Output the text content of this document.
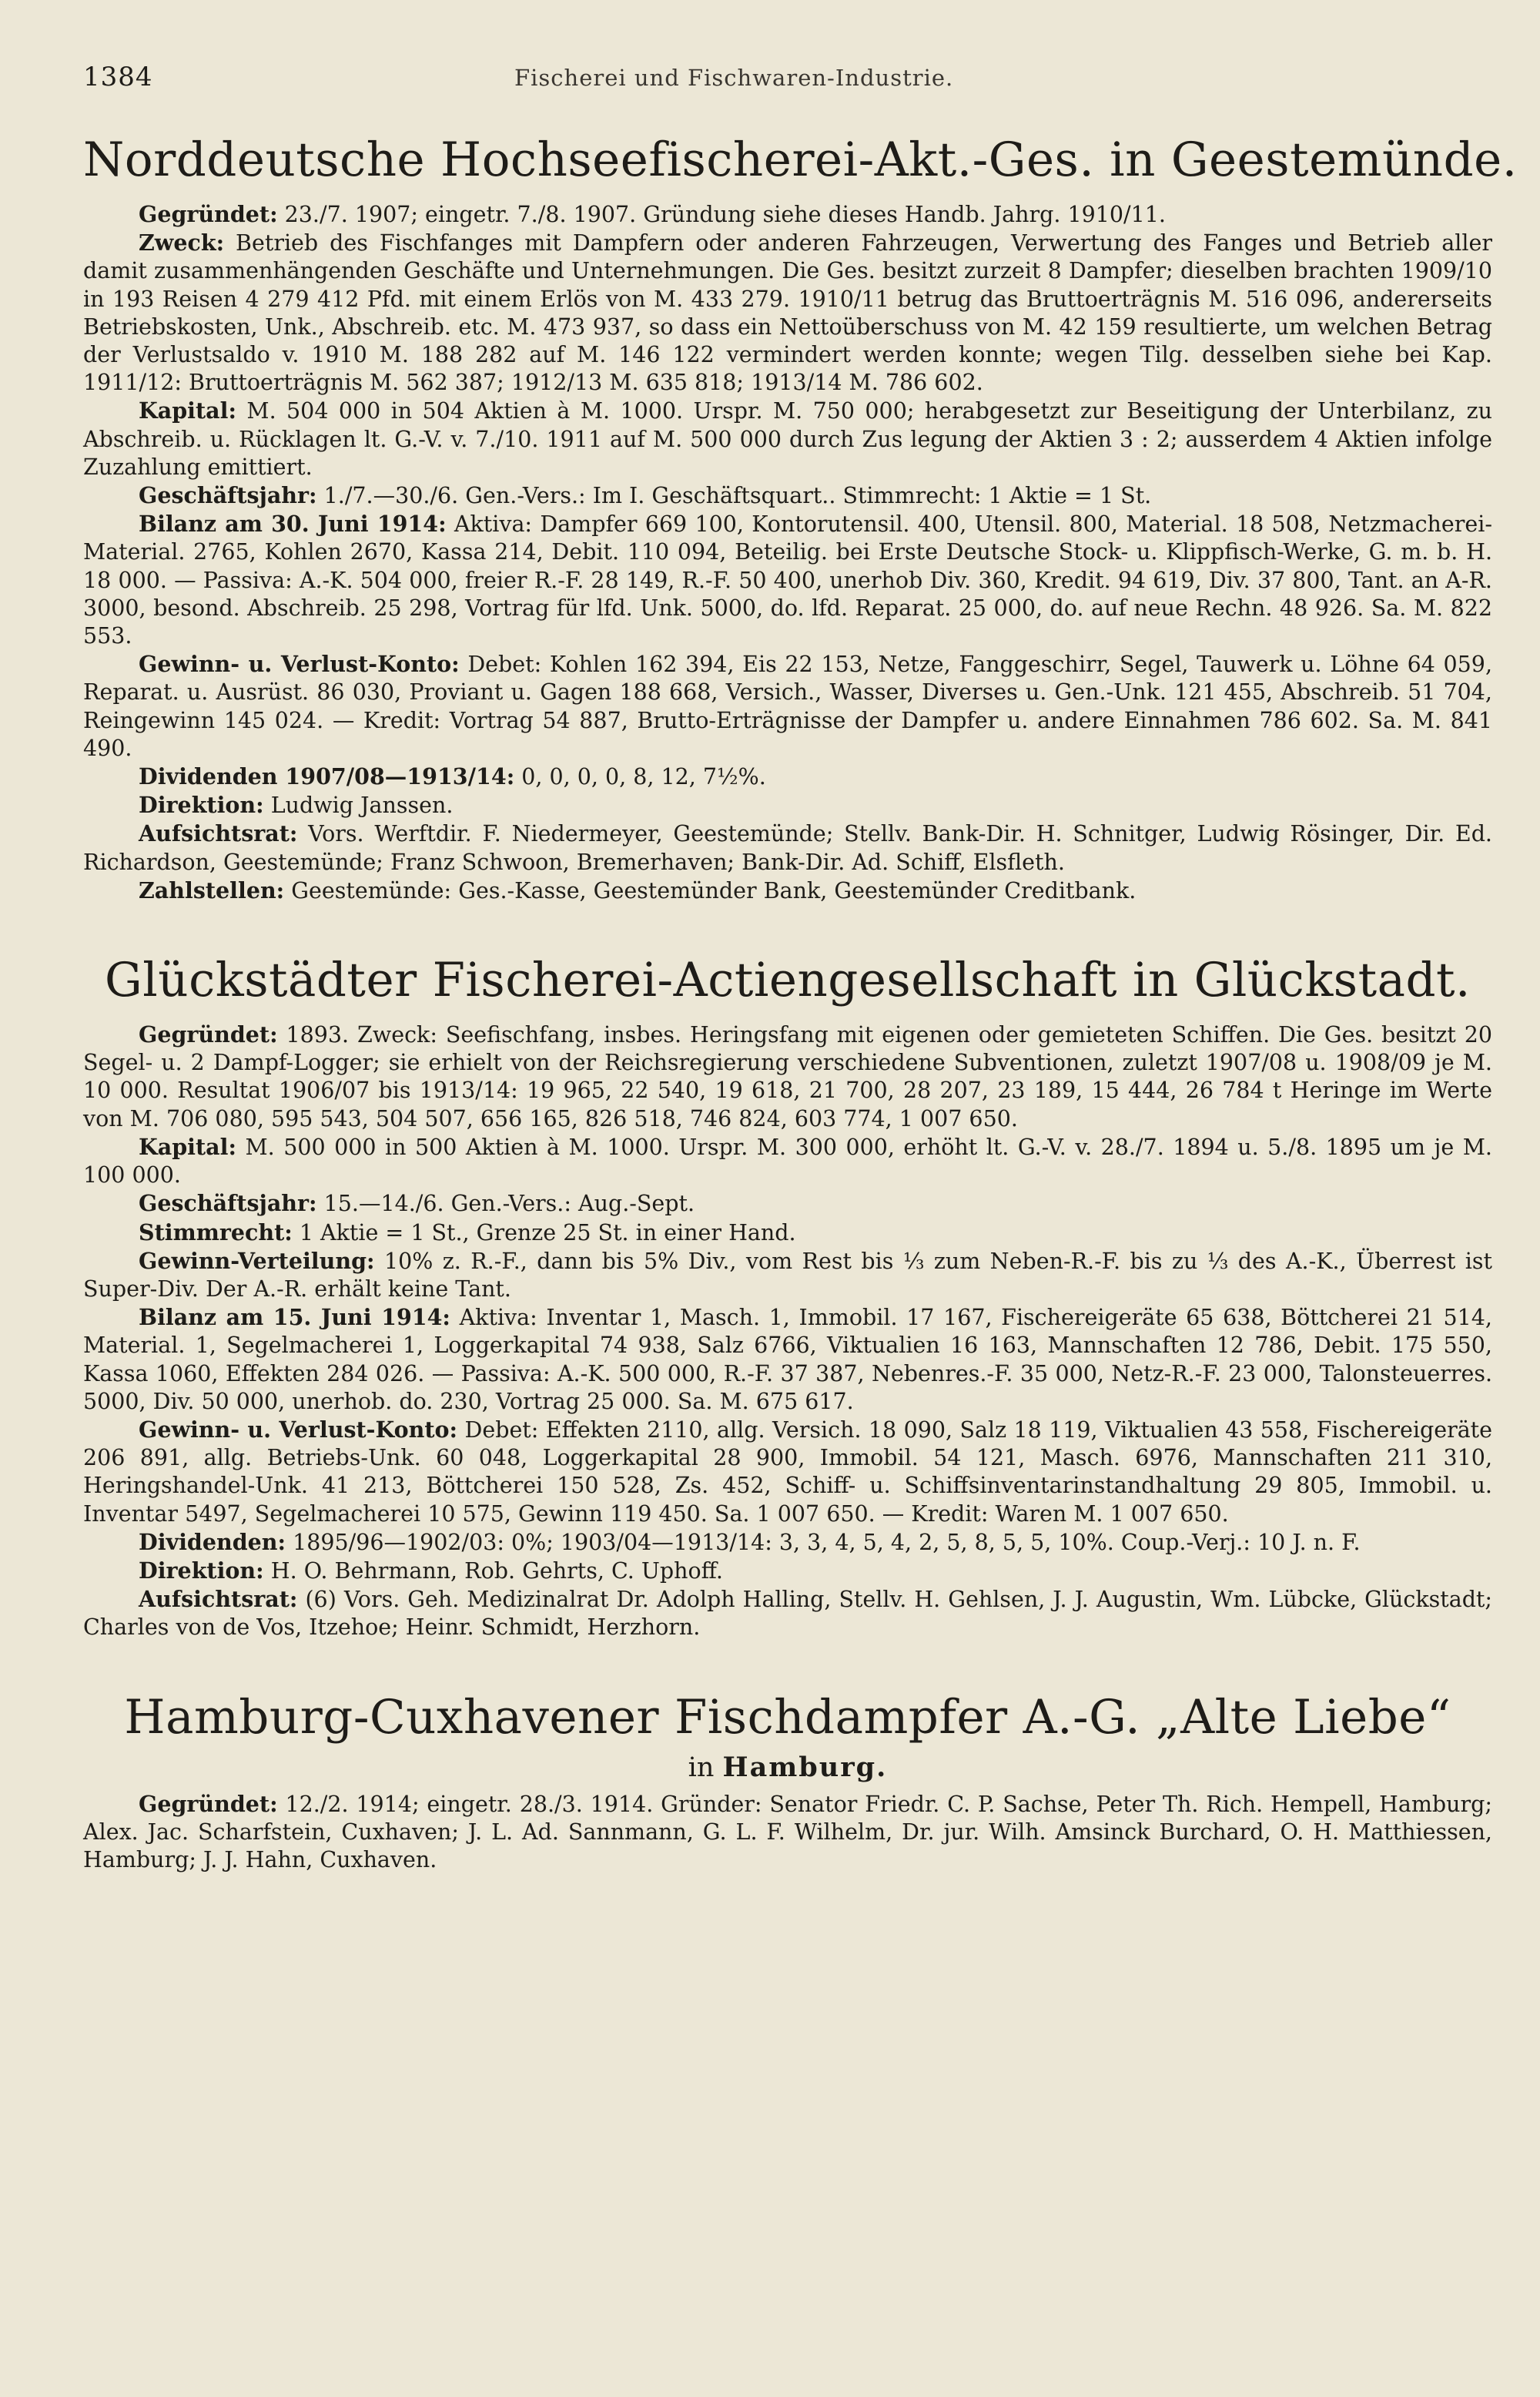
1384	Fischerei und Fischwaren-Industrie.
Norddeutsche Hochseefischerei-Akt.-Ges. in Geestemünde.

Gegründet: 23./7. 1907; eingetr. 7./8. 1907. Gründung siehe dieses Handb. Jahrg. 1910/11.

Zweck: Betrieb des Fischfanges mit Dampfern oder anderen Fahrzeugen, Verwertung des Fanges und Betrieb aller damit zusammenhängenden Geschäfte und Unternehmungen. Die Ges. besitzt zurzeit 8 Dampfer; dieselben brachten 1909/10 in 193 Reisen 4 279 412 Pfd. mit einem Erlös von M. 433 279. 1910/11 betrug das Bruttoerträgnis M. 516 096, andererseits Betriebskosten, Unk., Abschreib. etc. M. 473 937, so dass ein Nettoüberschuss von M. 42 159 resultierte, um welchen Betrag der Verlustsaldo v. 1910 M. 188 282 auf M. 146 122 vermindert werden konnte; wegen Tilg. desselben siehe bei Kap. 1911/12: Bruttoerträgnis M. 562 387; 1912/13 M. 635 818; 1913/14 M. 786 602.

Kapital: M. 504 000 in 504 Aktien à M. 1000. Urspr. M. 750 000; herabgesetzt zur Beseitigung der Unterbilanz, zu Abschreib. u. Rücklagen lt. G.-V. v. 7./10. 1911 auf M. 500 000 durch Zus legung der Aktien 3 : 2; ausserdem 4 Aktien infolge Zuzahlung emittiert.

Geschäftsjahr: 1./7.—30./6. Gen.-Vers.: Im I. Geschäftsquart.. Stimmrecht: 1 Aktie = 1 St.

Bilanz am 30. Juni 1914: Aktiva: Dampfer 669 100, Kontorutensil. 400, Utensil. 800, Material. 18 508, Netzmacherei-Material. 2765, Kohlen 2670, Kassa 214, Debit. 110 094, Beteilig. bei Erste Deutsche Stock- u. Klippfisch-Werke, G. m. b. H. 18 000. — Passiva: A.-K. 504 000, freier R.-F. 28 149, R.-F. 50 400, unerhob Div. 360, Kredit. 94 619, Div. 37 800, Tant. an A-R. 3000, besond. Abschreib. 25 298, Vortrag für lfd. Unk. 5000, do. lfd. Reparat. 25 000, do. auf neue Rechn. 48 926. Sa. M. 822 553.

Gewinn- u. Verlust-Konto: Debet: Kohlen 162 394, Eis 22 153, Netze, Fanggeschirr, Segel, Tauwerk u. Löhne 64 059, Reparat. u. Ausrüst. 86 030, Proviant u. Gagen 188 668, Versich., Wasser, Diverses u. Gen.-Unk. 121 455, Abschreib. 51 704, Reingewinn 145 024. — Kredit: Vortrag 54 887, Brutto-Erträgnisse der Dampfer u. andere Einnahmen 786 602. Sa. M. 841 490.

Dividenden 1907/08—1913/14: 0, 0, 0, 0, 8, 12, 7½%.

Direktion: Ludwig Janssen.

Aufsichtsrat: Vors. Werftdir. F. Niedermeyer, Geestemünde; Stellv. Bank-Dir. H. Schnitger, Ludwig Rösinger, Dir. Ed. Richardson, Geestemünde; Franz Schwoon, Bremerhaven; Bank-Dir. Ad. Schiff, Elsfleth.

Zahlstellen: Geestemünde: Ges.-Kasse, Geestemünder Bank, Geestemünder Creditbank.

Glückstädter Fischerei-Actiengesellschaft in Glückstadt.

Gegründet: 1893. Zweck: Seefischfang, insbes. Heringsfang mit eigenen oder gemieteten Schiffen. Die Ges. besitzt 20 Segel- u. 2 Dampf-Logger; sie erhielt von der Reichsregierung verschiedene Subventionen, zuletzt 1907/08 u. 1908/09 je M. 10 000. Resultat 1906/07 bis 1913/14: 19 965, 22 540, 19 618, 21 700, 28 207, 23 189, 15 444, 26 784 t Heringe im Werte von M. 706 080, 595 543, 504 507, 656 165, 826 518, 746 824, 603 774, 1 007 650.

Kapital: M. 500 000 in 500 Aktien à M. 1000. Urspr. M. 300 000, erhöht lt. G.-V. v. 28./7. 1894 u. 5./8. 1895 um je M. 100 000.

Geschäftsjahr: 15.—14./6. Gen.-Vers.: Aug.-Sept.

Stimmrecht: 1 Aktie = 1 St., Grenze 25 St. in einer Hand.

Gewinn-Verteilung: 10% z. R.-F., dann bis 5% Div., vom Rest bis ⅓ zum Neben-R.-F. bis zu ⅓ des A.-K., Überrest ist Super-Div. Der A.-R. erhält keine Tant.

Bilanz am 15. Juni 1914: Aktiva: Inventar 1, Masch. 1, Immobil. 17 167, Fischereigeräte 65 638, Böttcherei 21 514, Material. 1, Segelmacherei 1, Loggerkapital 74 938, Salz 6766, Viktualien 16 163, Mannschaften 12 786, Debit. 175 550, Kassa 1060, Effekten 284 026. — Passiva: A.-K. 500 000, R.-F. 37 387, Nebenres.-F. 35 000, Netz-R.-F. 23 000, Talonsteuerres. 5000, Div. 50 000, unerhob. do. 230, Vortrag 25 000. Sa. M. 675 617.

Gewinn- u. Verlust-Konto: Debet: Effekten 2110, allg. Versich. 18 090, Salz 18 119, Viktualien 43 558, Fischereigeräte 206 891, allg. Betriebs-Unk. 60 048, Loggerkapital 28 900, Immobil. 54 121, Masch. 6976, Mannschaften 211 310, Heringshandel-Unk. 41 213, Böttcherei 150 528, Zs. 452, Schiff- u. Schiffsinventarinstandhaltung 29 805, Immobil. u. Inventar 5497, Segelmacherei 10 575, Gewinn 119 450. Sa. 1 007 650. — Kredit: Waren M. 1 007 650.

Dividenden: 1895/96—1902/03: 0%; 1903/04—1913/14: 3, 3, 4, 5, 4, 2, 5, 8, 5, 5, 10%. Coup.-Verj.: 10 J. n. F.

Direktion: H. O. Behrmann, Rob. Gehrts, C. Uphoff.

Aufsichtsrat: (6) Vors. Geh. Medizinalrat Dr. Adolph Halling, Stellv. H. Gehlsen, J. J. Augustin, Wm. Lübcke, Glückstadt; Charles von de Vos, Itzehoe; Heinr. Schmidt, Herzhorn.

Hamburg-Cuxhavener Fischdampfer A.-G. „Alte Liebe“
in Hamburg.

Gegründet: 12./2. 1914; eingetr. 28./3. 1914. Gründer: Senator Friedr. C. P. Sachse, Peter Th. Rich. Hempell, Hamburg; Alex. Jac. Scharfstein, Cuxhaven; J. L. Ad. Sannmann, G. L. F. Wilhelm, Dr. jur. Wilh. Amsinck Burchard, O. H. Matthiessen, Hamburg; J. J. Hahn, Cuxhaven.
